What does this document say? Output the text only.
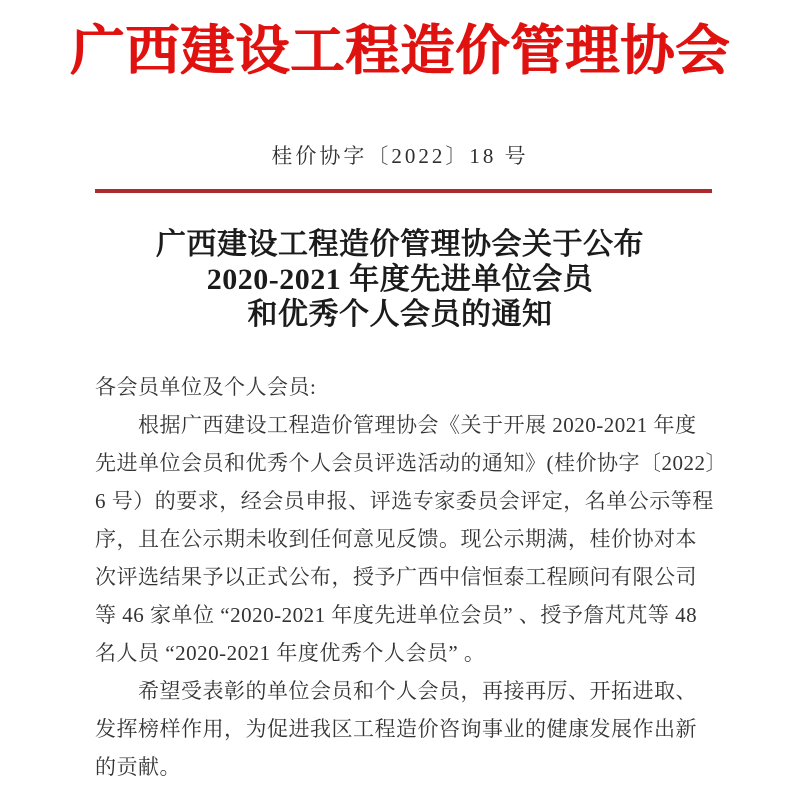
广西建设工程造价管理协会
桂价协字〔2022〕18 号
广西建设工程造价管理协会关于公布
2020-2021 年度先进单位会员
和优秀个人会员的通知
各会员单位及个人会员:
根据广西建设工程造价管理协会《关于开展 2020-2021 年度
先进单位会员和优秀个人会员评选活动的通知》(桂价协字〔2022〕
6 号）的要求，经会员申报、评选专家委员会评定，名单公示等程
序，且在公示期未收到任何意见反馈。现公示期满，桂价协对本
次评选结果予以正式公布，授予广西中信恒泰工程顾问有限公司
等 46 家单位 “2020-2021 年度先进单位会员” 、授予詹芃芃等 48
名人员 “2020-2021 年度优秀个人会员” 。
希望受表彰的单位会员和个人会员，再接再厉、开拓进取、
发挥榜样作用，为促进我区工程造价咨询事业的健康发展作出新
的贡献。
